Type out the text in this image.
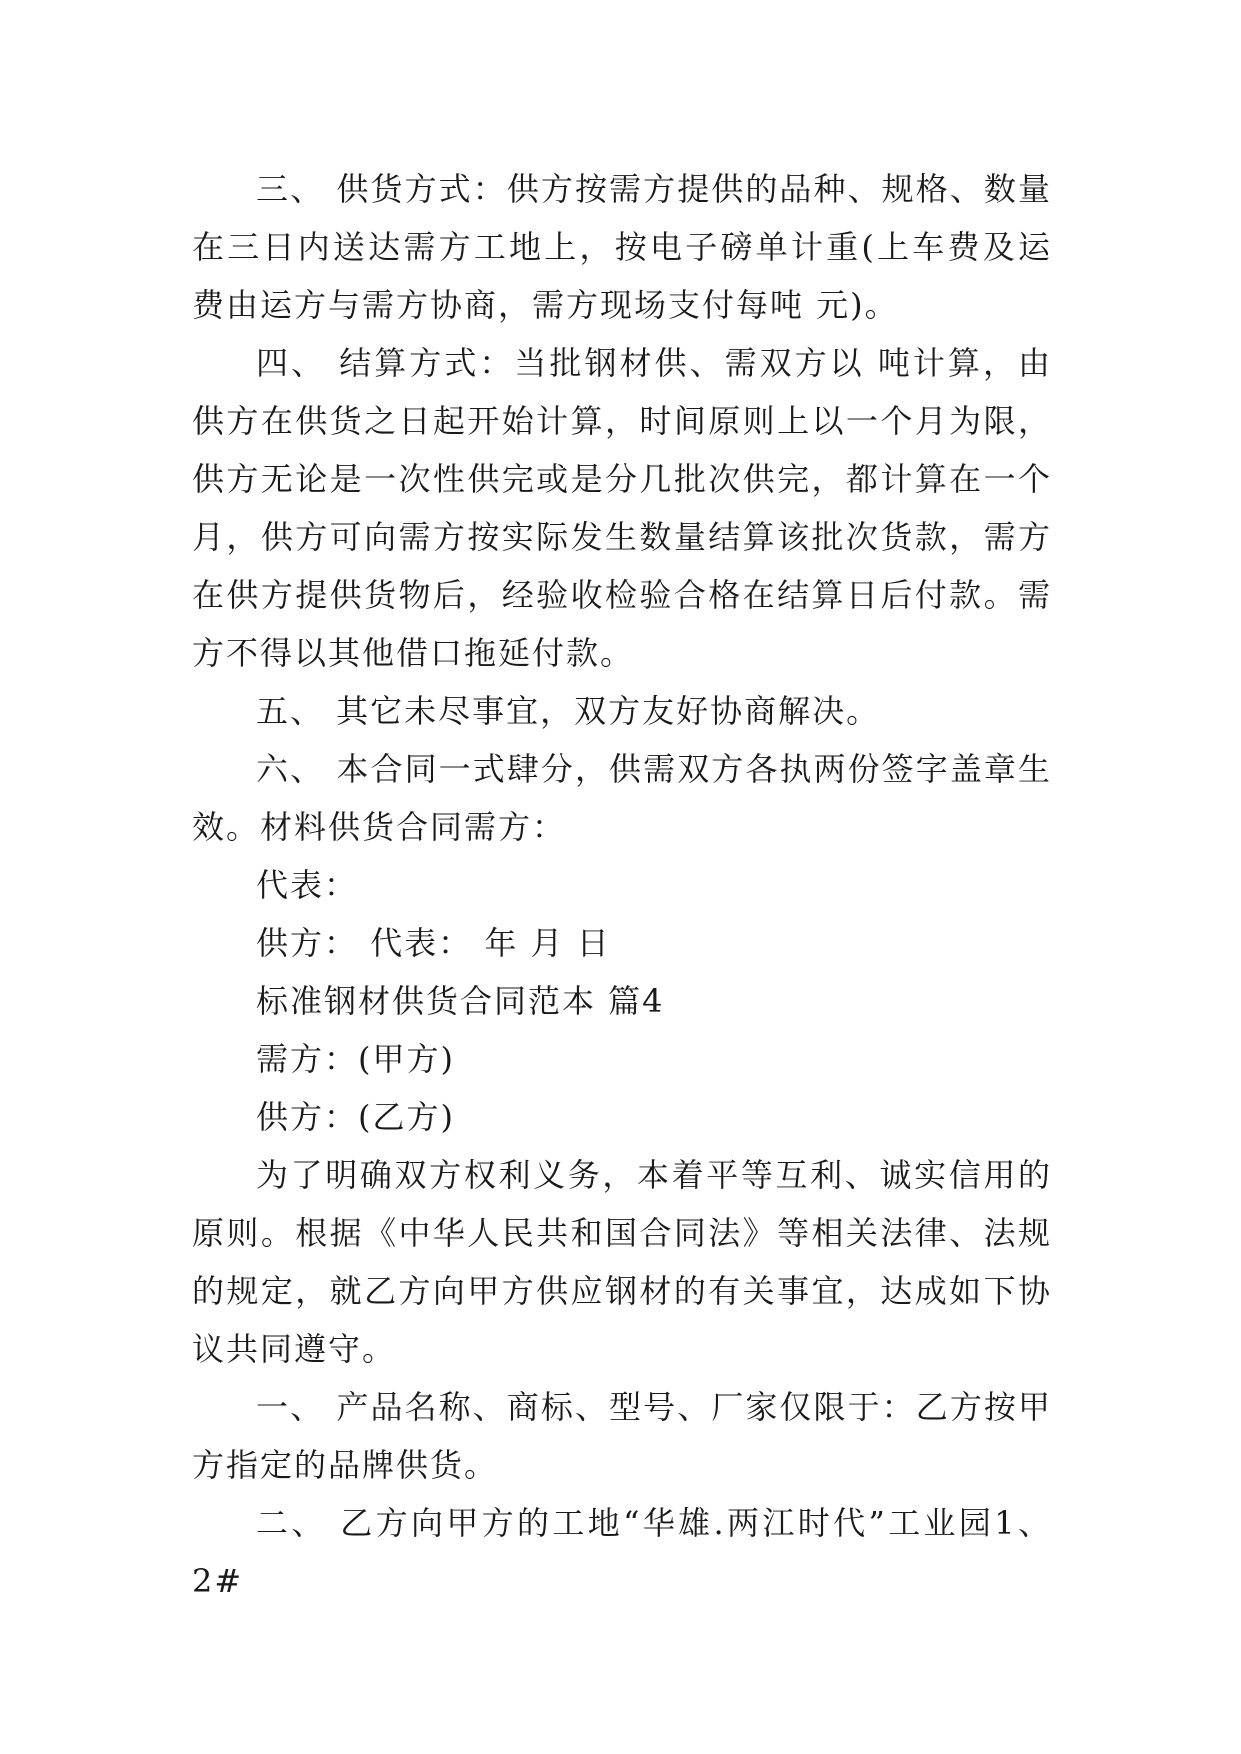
三、 供货方式：供方按需方提供的品种、规格、数量在三日内送达需方工地上，按电子磅单计重(上车费及运费由运方与需方协商，需方现场支付每吨 元)。

四、 结算方式：当批钢材供、需双方以 吨计算，由供方在供货之日起开始计算，时间原则上以一个月为限，供方无论是一次性供完或是分几批次供完，都计算在一个月，供方可向需方按实际发生数量结算该批次货款，需方在供方提供货物后，经验收检验合格在结算日后付款。需方不得以其他借口拖延付款。

五、 其它未尽事宜，双方友好协商解决。

六、 本合同一式肆分，供需双方各执两份签字盖章生效。材料供货合同需方：

代表：

供方： 代表： 年 月 日

标准钢材供货合同范本 篇4

需方：(甲方)

供方：(乙方)

为了明确双方权利义务，本着平等互利、诚实信用的原则。根据《中华人民共和国合同法》等相关法律、法规的规定，就乙方向甲方供应钢材的有关事宜，达成如下协议共同遵守。

一、 产品名称、商标、型号、厂家仅限于：乙方按甲方指定的品牌供货。

二、 乙方向甲方的工地“华雄.两江时代”工业园1、2#
